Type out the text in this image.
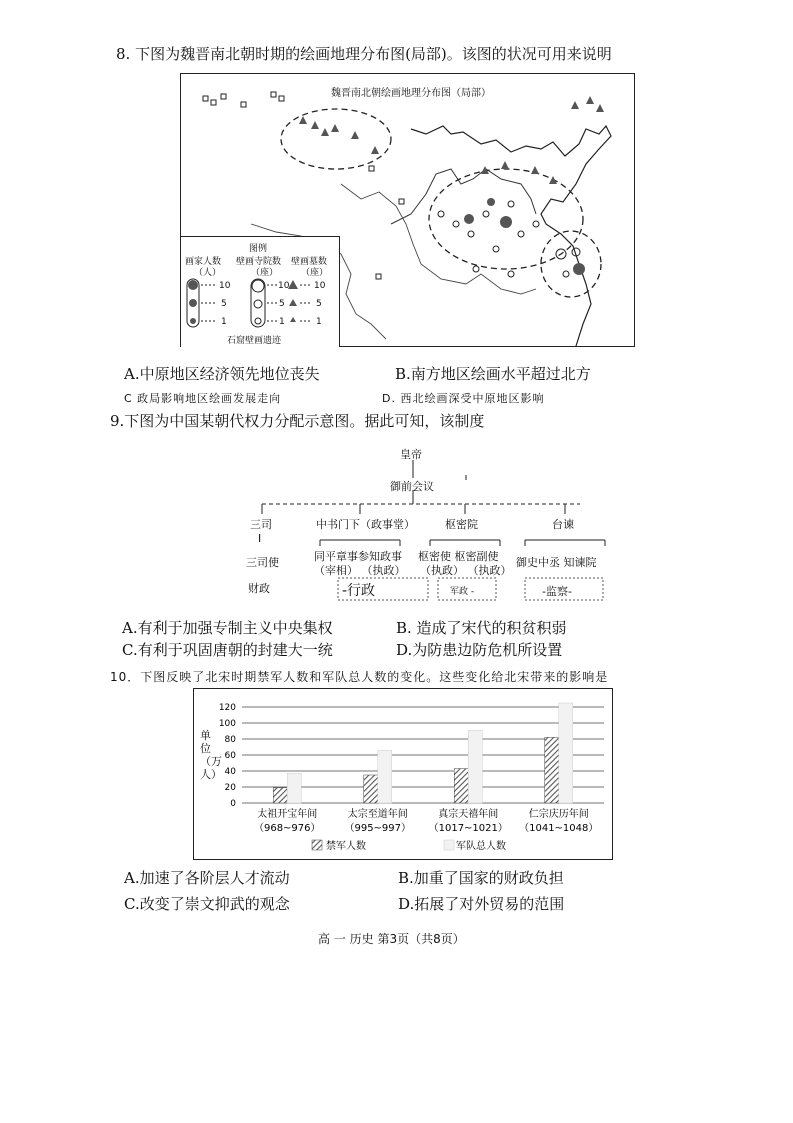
8. 下图为魏晋南北朝时期的绘画地理分布图(局部)。该图的状况可用来说明
魏晋南北朝绘画地理分布图（局部）
图例
画家人数
（人）
壁画寺院数
（座）
壁画墓数
（座）
10
5
1
10
5
1
10
5
1
石窟壁画遗迹
A.中原地区经济领先地位丧失	B.南方地区绘画水平超过北方
C 政局影响地区绘画发展走向	D. 西北绘画深受中原地区影响
9.下图为中国某朝代权力分配示意图。据此可知，该制度
皇帝
御前会议
三司
I
三司使
财政
中书门下（政事堂）
同平章事参知政事
（宰相） （执政）
-行政
枢密院
枢密使 枢密副使
（执政） （执政）
军政 -
台谏
御史中丞 知谏院
-监察-
A.有利于加强专制主义中央集权	B. 造成了宋代的积贫积弱
C.有利于巩固唐朝的封建大一统	D.为防患边防危机所设置
10．下图反映了北宋时期禁军人数和军队总人数的变化。这些变化给北宋带来的影响是
0
20
40
60
80
100
120
太祖开宝年间
（968~976）
太宗至道年间
（995~997）
真宗天禧年间
（1017~1021）
仁宗庆历年间
（1041~1048）
禁军人数	军队总人数
单位（万人）
A.加速了各阶层人才流动	B.加重了国家的财政负担
C.改变了崇文抑武的观念	D.拓展了对外贸易的范围
高 一 历史 第3页（共8页）
